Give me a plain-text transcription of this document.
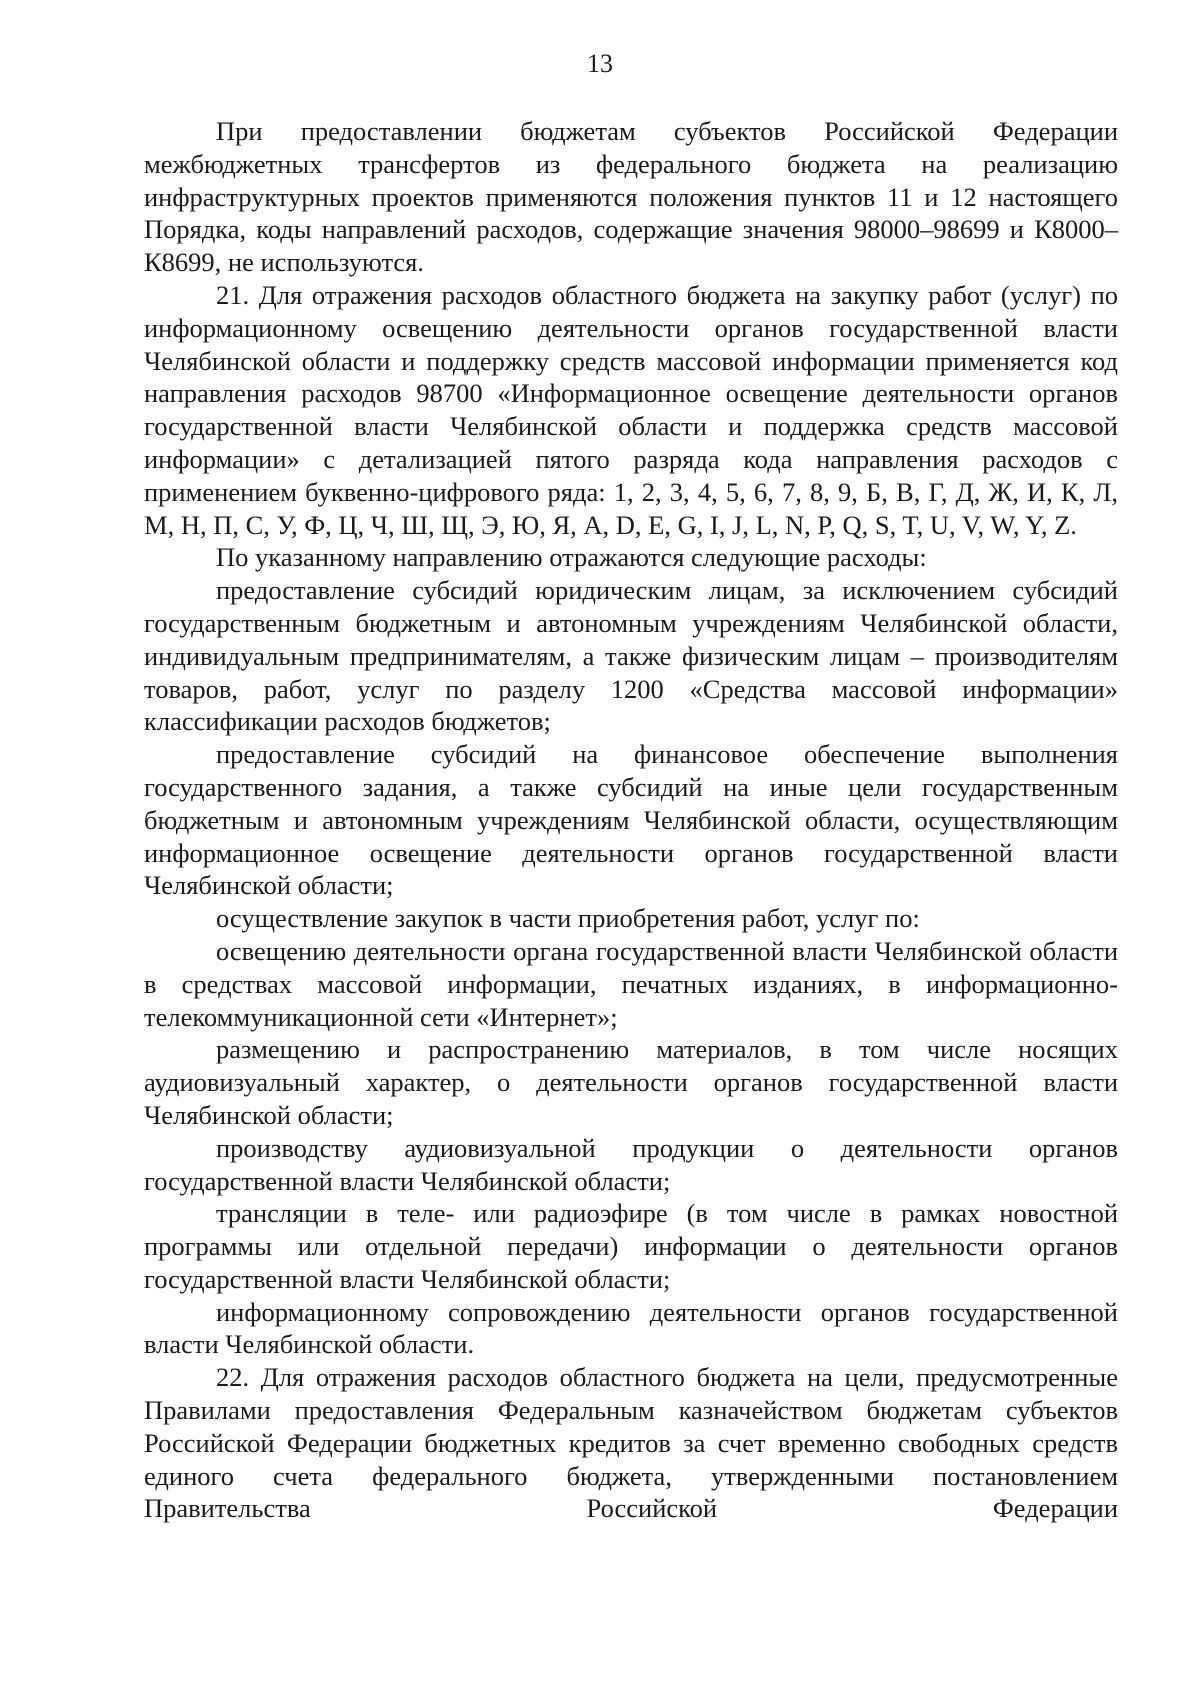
13

При предоставлении бюджетам субъектов Российской Федерации межбюджетных трансфертов из федерального бюджета на реализацию инфраструктурных проектов применяются положения пунктов 11 и 12 настоящего Порядка, коды направлений расходов, содержащие значения 98000–98699 и К8000–К8699, не используются.

21. Для отражения расходов областного бюджета на закупку работ (услуг) по информационному освещению деятельности органов государственной власти Челябинской области и поддержку средств массовой информации применяется код направления расходов 98700 «Информационное освещение деятельности органов государственной власти Челябинской области и поддержка средств массовой информации» с детализацией пятого разряда кода направления расходов с применением буквенно-цифрового ряда: 1, 2, 3, 4, 5, 6, 7, 8, 9, Б, В, Г, Д, Ж, И, К, Л, М, Н, П, С, У, Ф, Ц, Ч, Ш, Щ, Э, Ю, Я, A, D, E, G, I, J, L, N, P, Q, S, T, U, V, W, Y, Z.

По указанному направлению отражаются следующие расходы:

предоставление субсидий юридическим лицам, за исключением субсидий государственным бюджетным и автономным учреждениям Челябинской области, индивидуальным предпринимателям, а также физическим лицам – производителям товаров, работ, услуг по разделу 1200 «Средства массовой информации» классификации расходов бюджетов;

предоставление субсидий на финансовое обеспечение выполнения государственного задания, а также субсидий на иные цели государственным бюджетным и автономным учреждениям Челябинской области, осуществляющим информационное освещение деятельности органов государственной власти Челябинской области;

осуществление закупок в части приобретения работ, услуг по:

освещению деятельности органа государственной власти Челябинской области в средствах массовой информации, печатных изданиях, в информационно-телекоммуникационной сети «Интернет»;

размещению и распространению материалов, в том числе носящих аудиовизуальный характер, о деятельности органов государственной власти Челябинской области;

производству аудиовизуальной продукции о деятельности органов государственной власти Челябинской области;

трансляции в теле- или радиоэфире (в том числе в рамках новостной программы или отдельной передачи) информации о деятельности органов государственной власти Челябинской области;

информационному сопровождению деятельности органов государственной власти Челябинской области.

22. Для отражения расходов областного бюджета на цели, предусмотренные Правилами предоставления Федеральным казначейством бюджетам субъектов Российской Федерации бюджетных кредитов за счет временно свободных средств единого счета федерального бюджета, утвержденными постановлением Правительства Российской Федерации
